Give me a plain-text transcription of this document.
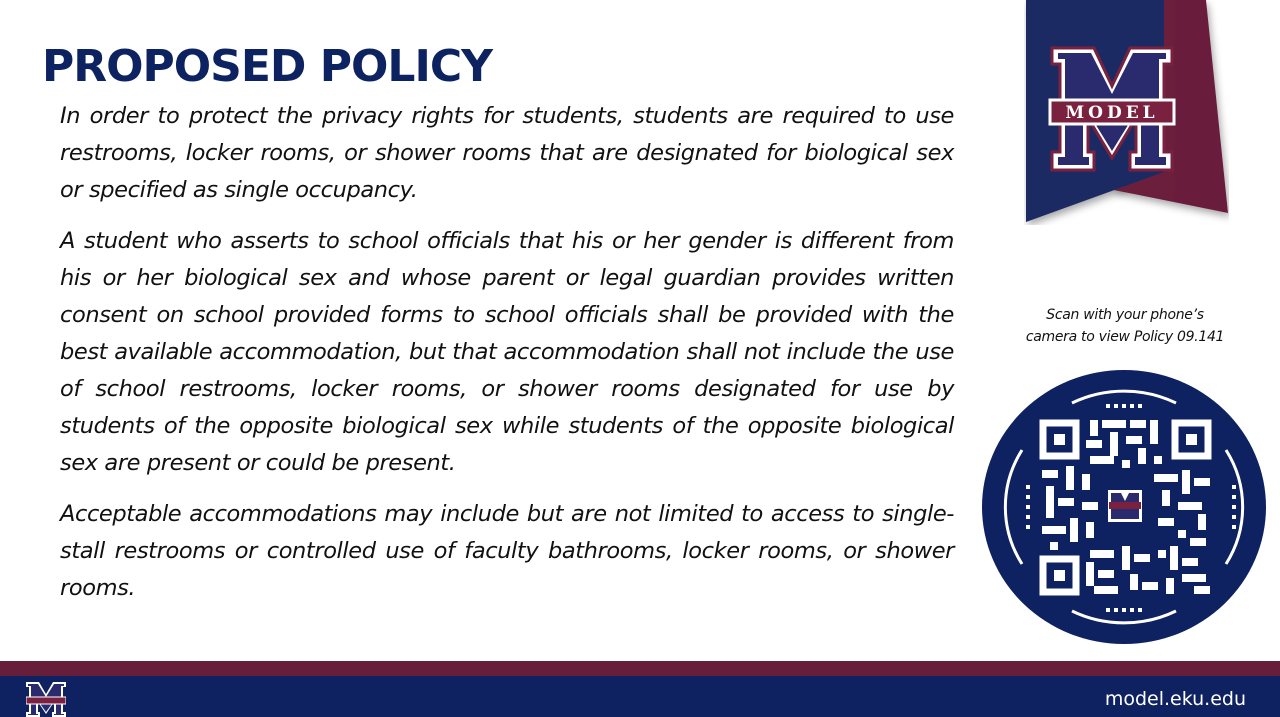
PROPOSED POLICY

In order to protect the privacy rights for students, students are required to use restrooms, locker rooms, or shower rooms that are designated for biological sex or specified as single occupancy.

A student who asserts to school officials that his or her gender is different from his or her biological sex and whose parent or legal guardian provides written consent on school provided forms to school officials shall be provided with the best available accommodation, but that accommodation shall not include the use of school restrooms, locker rooms, or shower rooms designated for use by students of the opposite biological sex while students of the opposite biological sex are present or could be present.

Acceptable accommodations may include but are not limited to access to single-stall restrooms or controlled use of faculty bathrooms, locker rooms, or shower rooms.

MODEL
Scan with your phone’s
camera to view Policy 09.141
model.eku.edu
